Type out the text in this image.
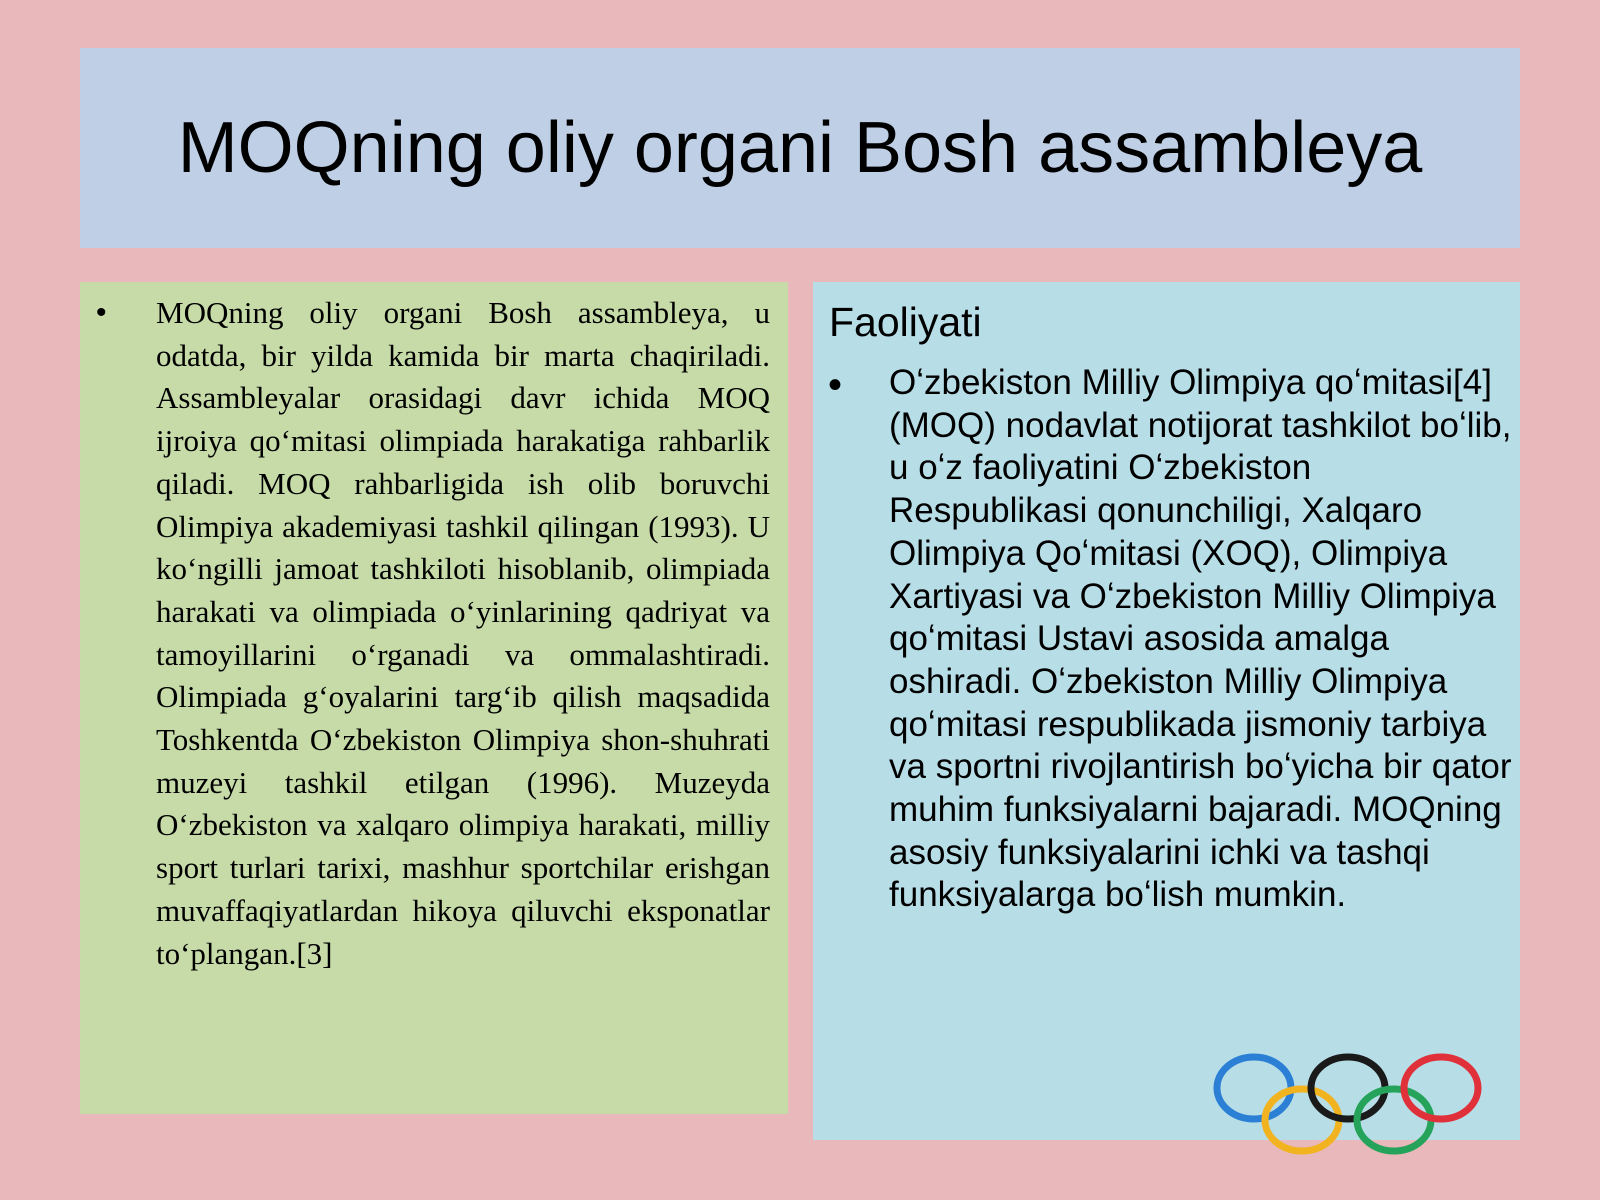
MOQning oliy organi Bosh assambleya
• MOQning oliy organi Bosh assambleya, u odatda, bir yilda kamida bir marta chaqiriladi. Assambleyalar orasidagi davr ichida MOQ ijroiya qoʻmitasi olimpiada harakatiga rahbarlik qiladi. MOQ rahbarligida ish olib boruvchi Olimpiya akademiyasi tashkil qilingan (1993). U koʻngilli jamoat tashkiloti hisoblanib, olimpiada harakati va olimpiada oʻyinlarining qadriyat va tamoyillarini oʻrganadi va ommalashtiradi. Olimpiada gʻoyalarini targʻib qilish maqsadida Toshkentda Oʻzbekiston Olimpiya shon-shuhrati muzeyi tashkil etilgan (1996). Muzeyda Oʻzbekiston va xalqaro olimpiya harakati, milliy sport turlari tarixi, mashhur sportchilar erishgan muvaffaqiyatlardan hikoya qiluvchi eksponatlar toʻplangan.[3]
Faoliyati
• Oʻzbekiston Milliy Olimpiya qoʻmitasi[4] (MOQ) nodavlat notijorat tashkilot boʻlib, u oʻz faoliyatini Oʻzbekiston Respublikasi qonunchiligi, Xalqaro Olimpiya Qoʻmitasi (XOQ), Olimpiya Xartiyasi va Oʻzbekiston Milliy Olimpiya qoʻmitasi Ustavi asosida amalga oshiradi. Oʻzbekiston Milliy Olimpiya qoʻmitasi respublikada jismoniy tarbiya va sportni rivojlantirish boʻyicha bir qator muhim funksiyalarni bajaradi. MOQning asosiy funksiyalarini ichki va tashqi funksiyalarga boʻlish mumkin.
